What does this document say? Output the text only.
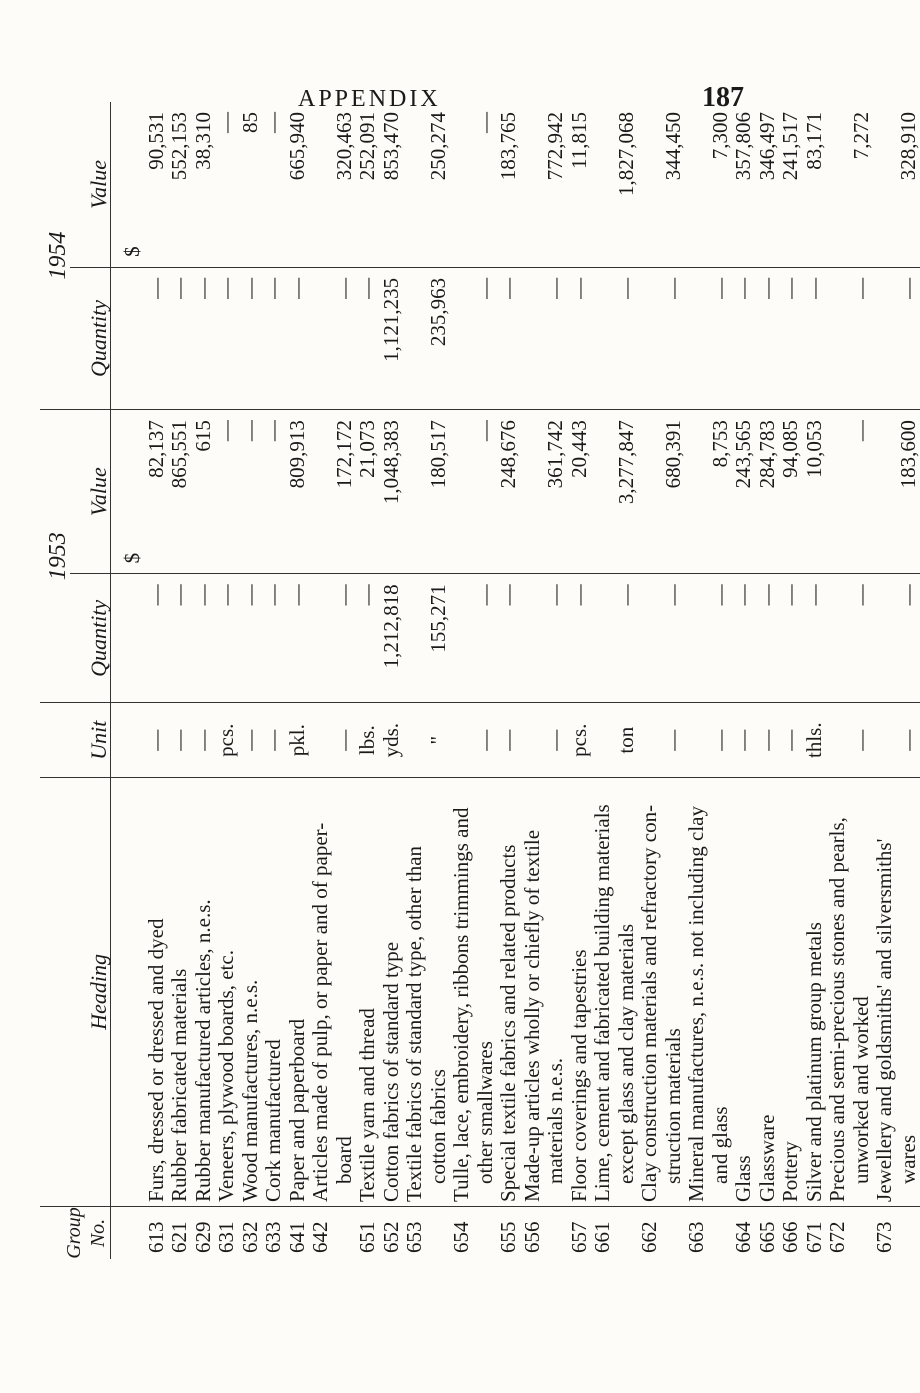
APPENDIX	187
Group No.	Heading	Unit	1953		1954	
			Quantity	Value	Quantity	Value
				$		$
613	Furs, dressed or dressed and dyed	—	—	82,137	—	90,531
621	Rubber fabricated materials	—	—	865,551	—	552,153
629	Rubber manufactured articles, n.e.s.	—	—	615	—	38,310
631	Veneers, plywood boards, etc.	pcs.	—	—	—	—
632	Wood manufactures, n.e.s.	—	—	—	—	85
633	Cork manufactured	—	—	—	—	—
641	Paper and paperboard	pkl.	—	809,913	—	665,940
642	Articles made of pulp, or paper and of paper-					
	board	—	—	172,172	—	320,463
651	Textile yarn and thread	lbs.	—	21,073	—	252,091
652	Cotton fabrics of standard type	yds.	1,212,818	1,048,383	1,121,235	853,470
653	Textile fabrics of standard type, other than					
	cotton fabrics	"	155,271	180,517	235,963	250,274
654	Tulle, lace, embroidery, ribbons trimmings and					
	other smallwares	—	—	—	—	—
655	Special textile fabrics and related products	—	—	248,676	—	183,765
656	Made-up articles wholly or chiefly of textile					
	materials n.e.s.	—	—	361,742	—	772,942
657	Floor coverings and tapestries	pcs.	—	20,443	—	11,815
661	Lime, cement and fabricated building materials					
	except glass and clay materials	ton	—	3,277,847	—	1,827,068
662	Clay construction materials and refractory con-					
	struction materials	—	—	680,391	—	344,450
663	Mineral manufactures, n.e.s. not including clay					
	and glass	—	—	8,753	—	7,300
664	Glass	—	—	243,565	—	357,806
665	Glassware	—	—	284,783	—	346,497
666	Pottery	—	—	94,085	—	241,517
671	Silver and platinum group metals	thls.	—	10,053	—	83,171
672	Precious and semi-precious stones and pearls,					
	unworked and worked	—	—	—	—	7,272
673	Jewellery and goldsmiths' and silversmiths'					
	wares	—	—	183,600	—	328,910
